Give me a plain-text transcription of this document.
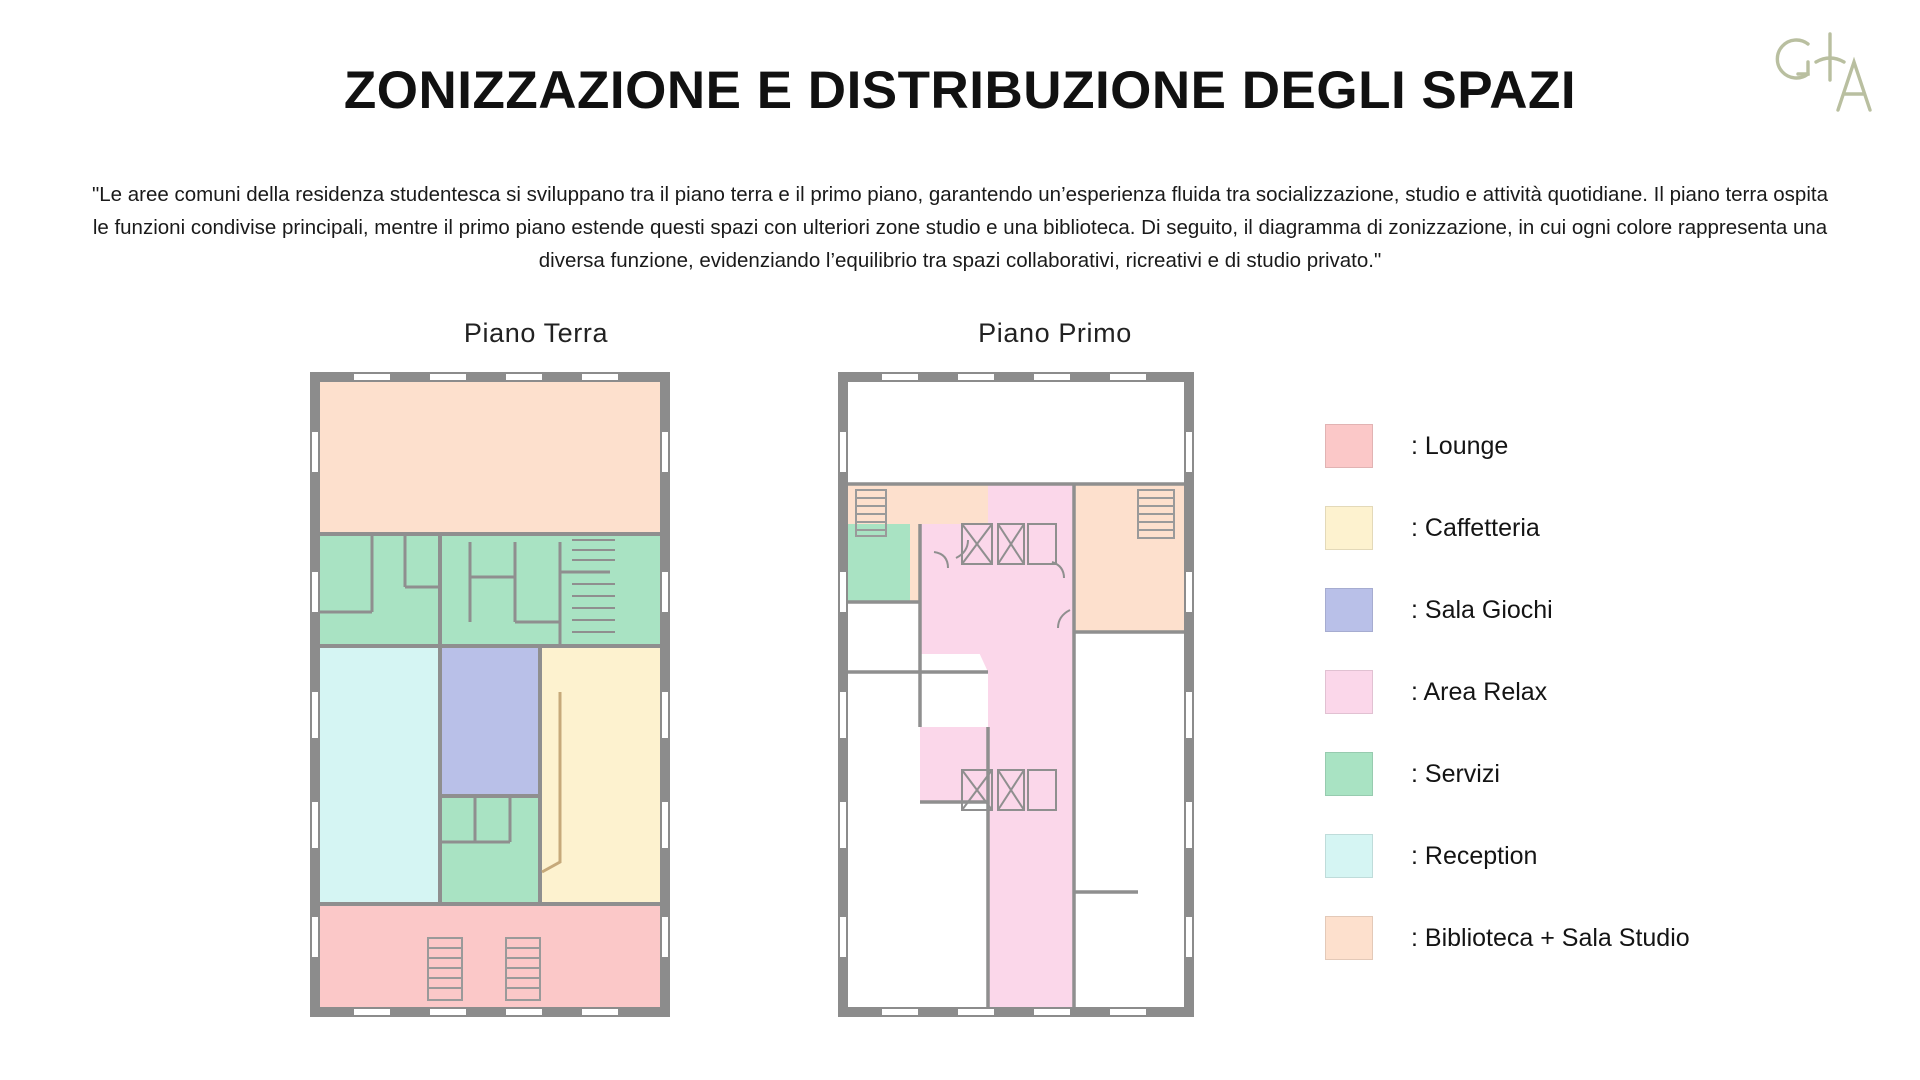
ZONIZZAZIONE E DISTRIBUZIONE DEGLI SPAZI
"Le aree comuni della residenza studentesca si sviluppano tra il piano terra e il primo piano, garantendo un’esperienza fluida tra socializzazione, studio e attività quotidiane. Il piano terra ospita le funzioni condivise principali, mentre il primo piano estende questi spazi con ulteriori zone studio e una biblioteca. Di seguito, il diagramma di zonizzazione, in cui ogni colore rappresenta una diversa funzione, evidenziando l’equilibrio tra spazi collaborativi, ricreativi e di studio privato."
Piano Terra	Piano Primo
: Lounge
: Caffetteria
: Sala Giochi
: Area Relax
: Servizi
: Reception
: Biblioteca + Sala Studio
